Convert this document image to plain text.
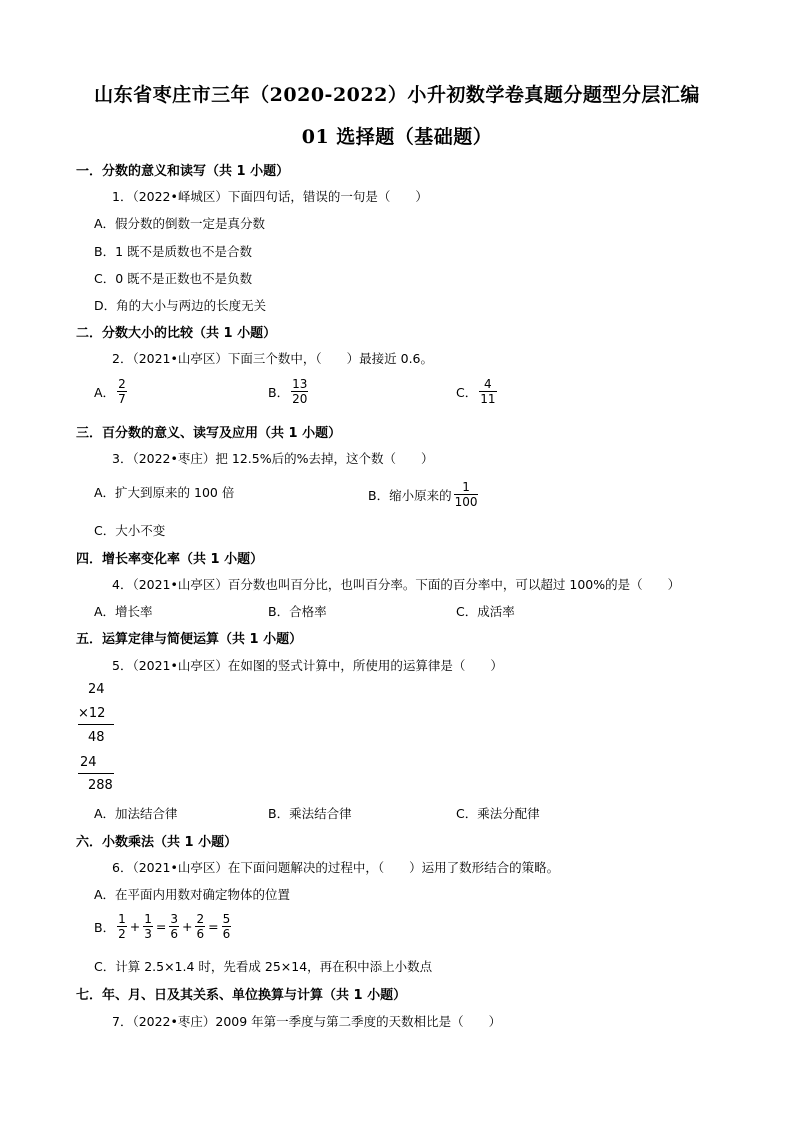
山东省枣庄市三年（2020-2022）小升初数学卷真题分题型分层汇编
01 选择题（基础题）
一．分数的意义和读写（共 1 小题）
1．（2022•峄城区）下面四句话，错误的一句是（　　）
A．假分数的倒数一定是真分数
B．1 既不是质数也不是合数
C．0 既不是正数也不是负数
D．角的大小与两边的长度无关
二．分数大小的比较（共 1 小题）
2．（2021•山亭区）下面三个数中，（　　）最接近 0.6。
A． $\frac{2}{7}$	B． $\frac{13}{20}$	C． $\frac{4}{11}$
三．百分数的意义、读写及应用（共 1 小题）
3．（2022•枣庄）把 12.5%后的%去掉，这个数（　　）
A．扩大到原来的 100 倍	B．缩小原来的 $\frac{1}{100}$
C．大小不变
四．增长率变化率（共 1 小题）
4．（2021•山亭区）百分数也叫百分比，也叫百分率。下面的百分率中，可以超过 100%的是（　　）
A．增长率	B．合格率	C．成活率
五．运算定律与简便运算（共 1 小题）
5．（2021•山亭区）在如图的竖式计算中，所使用的运算律是（　　）
24
×12
48
24
288
A．加法结合律	B．乘法结合律	C．乘法分配律
六．小数乘法（共 1 小题）
6．（2021•山亭区）在下面问题解决的过程中，（　　）运用了数形结合的策略。
A．在平面内用数对确定物体的位置
B． $\frac{1}{2} + \frac{1}{3} = \frac{3}{6} + \frac{2}{6} = \frac{5}{6}$
C．计算 2.5×1.4 时，先看成 25×14，再在积中添上小数点
七．年、月、日及其关系、单位换算与计算（共 1 小题）
7．（2022•枣庄）2009 年第一季度与第二季度的天数相比是（　　）
